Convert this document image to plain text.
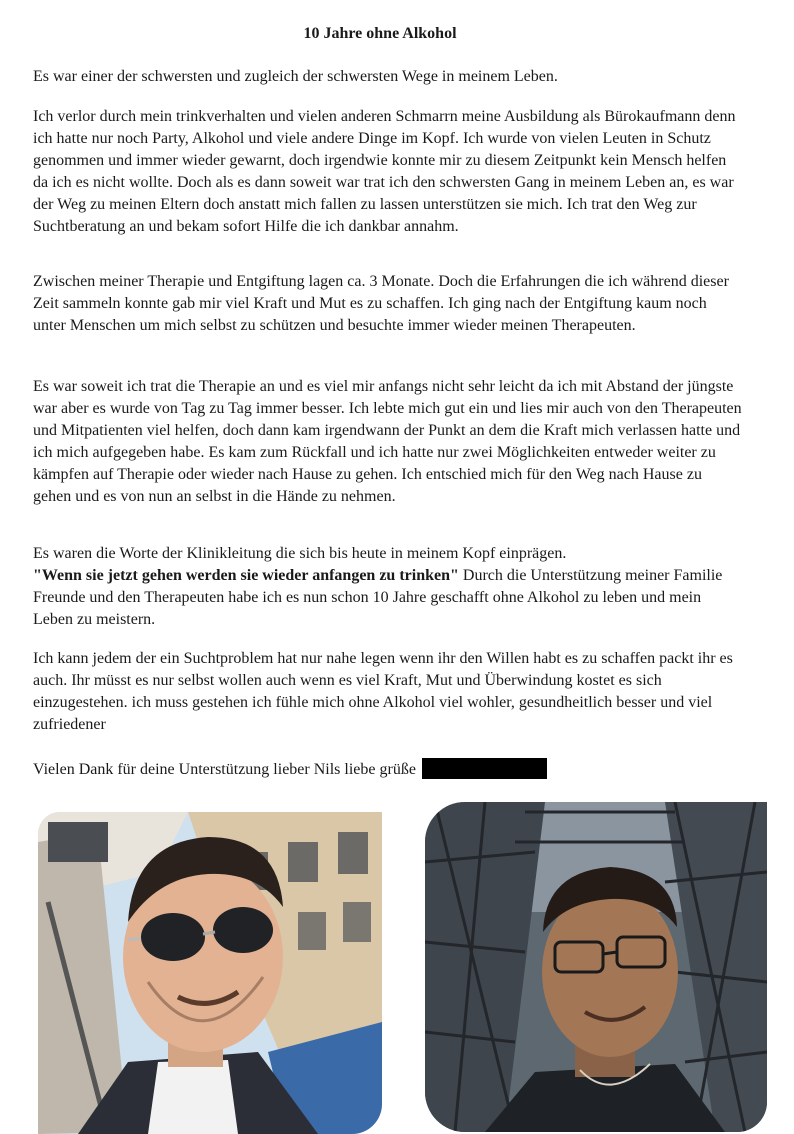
10 Jahre ohne Alkohol
Es war einer der schwersten und zugleich der schwersten Wege in meinem Leben.
Ich verlor durch mein trinkverhalten und vielen anderen Schmarrn meine Ausbildung als Bürokaufmann denn ich hatte nur noch Party, Alkohol und viele andere Dinge im Kopf. Ich wurde von vielen Leuten in Schutz genommen und immer wieder gewarnt, doch irgendwie konnte mir zu diesem Zeitpunkt kein Mensch helfen da ich es nicht wollte. Doch als es dann soweit war trat ich den schwersten Gang in meinem Leben an, es war der Weg zu meinen Eltern doch anstatt mich fallen zu lassen unterstützen sie mich. Ich trat den Weg zur Suchtberatung an und bekam sofort Hilfe die ich dankbar annahm.
Zwischen meiner Therapie und Entgiftung lagen ca. 3 Monate. Doch die Erfahrungen die ich während dieser Zeit sammeln konnte gab mir viel Kraft und Mut es zu schaffen. Ich ging nach der Entgiftung kaum noch unter Menschen um mich selbst zu schützen und besuchte immer wieder meinen Therapeuten.
Es war soweit ich trat die Therapie an und es viel mir anfangs nicht sehr leicht da ich mit Abstand der jüngste war aber es wurde von Tag zu Tag immer besser. Ich lebte mich gut ein und lies mir auch von den Therapeuten und Mitpatienten viel helfen, doch dann kam irgendwann der Punkt an dem die Kraft mich verlassen hatte und ich mich aufgegeben habe. Es kam zum Rückfall und ich hatte nur zwei Möglichkeiten entweder weiter zu kämpfen auf Therapie oder wieder nach Hause zu gehen. Ich entschied mich für den Weg nach Hause zu gehen und es von nun an selbst in die Hände zu nehmen.
Es waren die Worte der Klinikleitung die sich bis heute in meinem Kopf einprägen.
"Wenn sie jetzt gehen werden sie wieder anfangen zu trinken" Durch die Unterstützung meiner Familie Freunde und den Therapeuten habe ich es nun schon 10 Jahre geschafft ohne Alkohol zu leben und mein Leben zu meistern.
Ich kann jedem der ein Suchtproblem hat nur nahe legen wenn ihr den Willen habt es zu schaffen packt ihr es auch. Ihr müsst es nur selbst wollen auch wenn es viel Kraft, Mut und Überwindung kostet es sich einzugestehen. ich muss gestehen ich fühle mich ohne Alkohol viel wohler, gesundheitlich besser und viel zufriedener
Vielen Dank für deine Unterstützung lieber Nils liebe grüße
